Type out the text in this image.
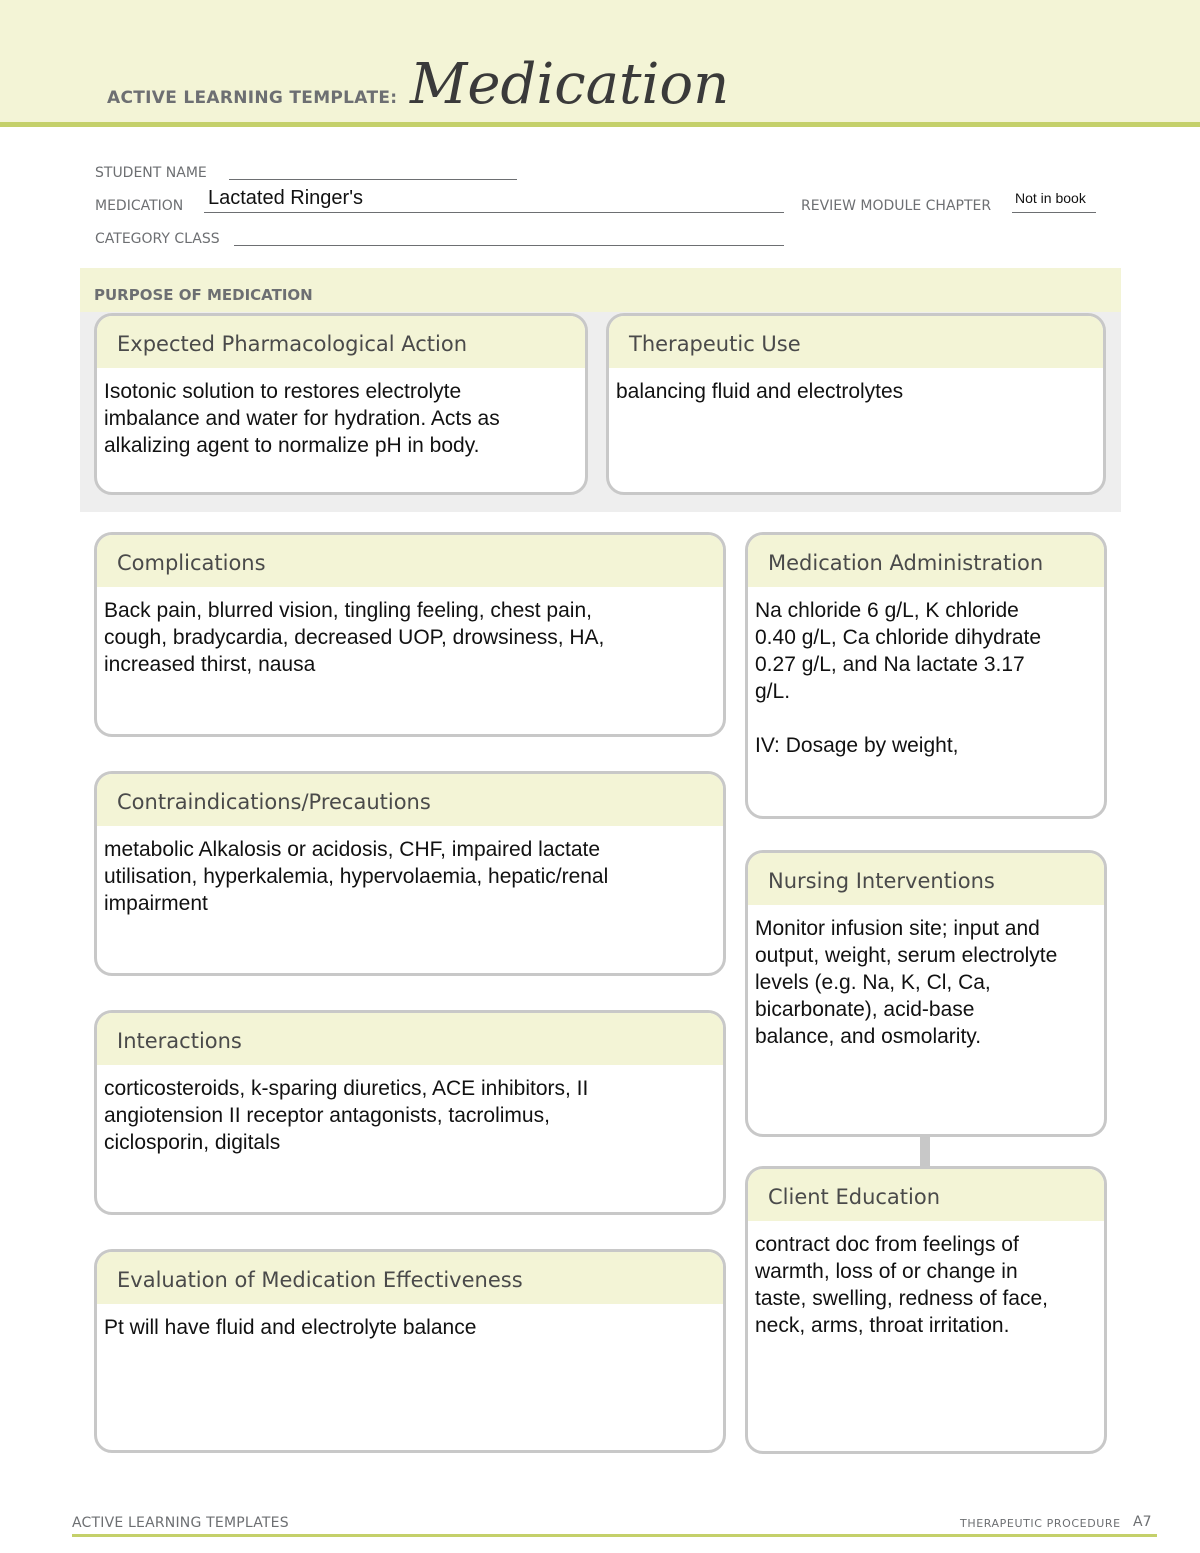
ACTIVE LEARNING TEMPLATE: Medication
STUDENT NAME
MEDICATION Lactated Ringer's	REVIEW MODULE CHAPTER Not in book
CATEGORY CLASS
PURPOSE OF MEDICATION
Expected Pharmacological Action
Isotonic solution to restores electrolyte
imbalance and water for hydration. Acts as
alkalizing agent to normalize pH in body.
Therapeutic Use
balancing fluid and electrolytes
Complications
Back pain, blurred vision, tingling feeling, chest pain,
cough, bradycardia, decreased UOP, drowsiness, HA,
increased thirst, nausa
Contraindications/Precautions
metabolic Alkalosis or acidosis, CHF, impaired lactate
utilisation, hyperkalemia, hypervolaemia, hepatic/renal
impairment
Interactions
corticosteroids, k-sparing diuretics, ACE inhibitors, II
angiotension II receptor antagonists, tacrolimus,
ciclosporin, digitals
Evaluation of Medication Effectiveness
Pt will have fluid and electrolyte balance
Medication Administration
Na chloride 6 g/L, K chloride
0.40 g/L, Ca chloride dihydrate
0.27 g/L, and Na lactate 3.17
g/L.

IV: Dosage by weight,
Nursing Interventions
Monitor infusion site; input and
output, weight, serum electrolyte
levels (e.g. Na, K, Cl, Ca,
bicarbonate), acid-base
balance, and osmolarity.
Client Education
contract doc from feelings of
warmth, loss of or change in
taste, swelling, redness of face,
neck, arms, throat irritation.
ACTIVE LEARNING TEMPLATES	THERAPEUTIC PROCEDURE A7
